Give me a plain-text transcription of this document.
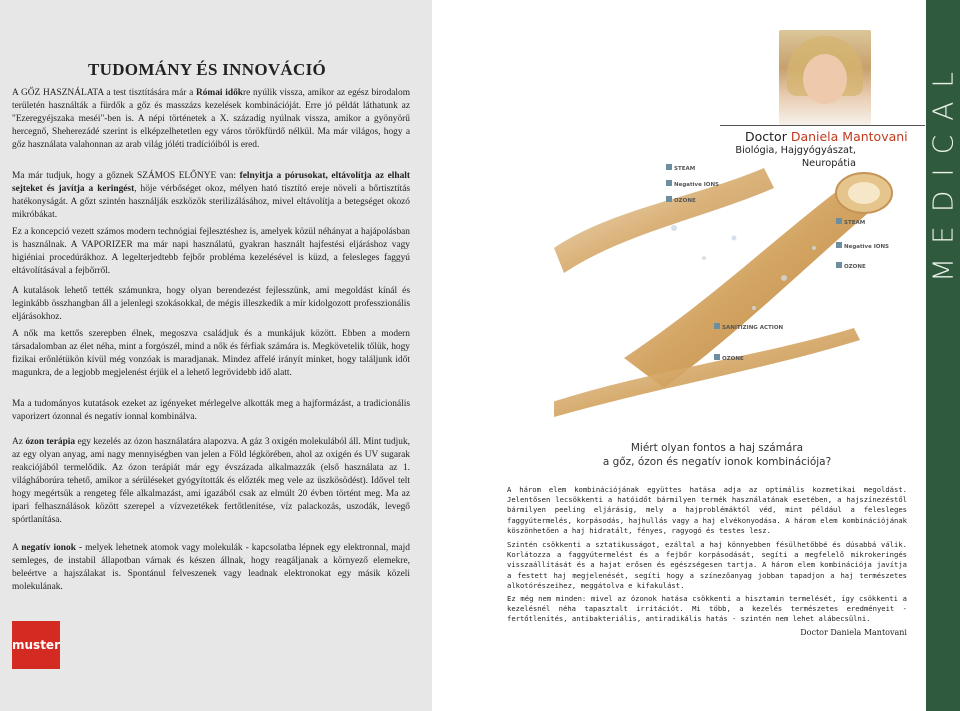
TUDOMÁNY ÉS INNOVÁCIÓ

A GŐZ HASZNÁLATA a test tisztítására már a Római időkre nyúlik vissza, amikor az egész birodalom területén használták a fürdők a gőz és masszázs kezelések kombinációját. Erre jó példát láthatunk az "Ezeregyéjszaka meséi"-ben is. A népi történetek a X. századig nyúlnak vissza, amikor a gyönyörű hercegnő, Sheherezádé szerint is elképzelhetetlen egy város törökfürdő nélkül. Ma már világos, hogy a gőz használata valahonnan az arab világ jóléti tradícióiból is ered.

Ma már tudjuk, hogy a gőznek SZÁMOS ELŐNYE van: felnyitja a pórusokat, eltávolítja az elhalt sejteket és javítja a keringést, höje vérbőséget okoz, mélyen ható tisztító ereje növeli a bőrtisztítás hatékonyságát. A gőzt szintén használják eszközök sterilizálásához, mivel eltávolítja a betegséget okozó mikróbákat.

Ez a koncepció vezett számos modern technógiai fejlesztéshez is, amelyek közül néhányat a hajápolásban is használnak. A VAPORIZER ma már napi használatú, gyakran használt hajfestési eljáráshoz vagy higiéniai procedúrákhoz. A legelterjedtebb fejbőr probléma kezelésével is küzd, a felesleges faggyú eltávolításával a fejbőrről.

A kutalások lehető tették számunkra, hogy olyan berendezést fejlesszünk, ami megoldást kínál és leginkább összhangban áll a jelenlegi szokásokkal, de mégis illeszkedik a mír kidolgozott professzionális eljárásokhoz.

A nők ma kettős szerepben élnek, megoszva családjuk és a munkájuk között. Ebben a modern társadalomban az élet néha, mint a forgószél, mind a nők és férfiak számára is. Megkövetelik tőlük, hogy fizikai erőnlétükön kívül még vonzóak is maradjanak. Mindez affelé irányít minket, hogy találjunk időt magunkra, de a legjobb megjelenést érjük el a lehető legrövidebb idő alatt.

Ma a tudományos kutatások ezeket az igényeket mérlegelve alkották meg a hajformázást, a tradicionális vaporizert ózonnal és negatív ionnal kombinálva.

Az ózon terápia egy kezelés az ózon használatára alapozva. A gáz 3 oxigén molekulából áll. Mint tudjuk, az egy olyan anyag, ami nagy mennyiségben van jelen a Föld légkörében, ahol az oxigén és UV sugarak reakciójából termelődik. Az ózon terápiát már egy évszázada alkalmazzák (első használata az 1. világháborúra tehető, amikor a sérüléseket gyógyították és előzték meg vele az üszkösödést). Idővel telt hogy megértsük a rengeteg féle alkalmazást, ami igazából csak az elmúlt 20 évben történt meg. Ma az ipari felhasználások között szerepel a vízvezetékek fertőtlenítése, víz palackozás, uszodák, levegő spórtlanítása.

A negatív ionok - melyek lehetnek atomok vagy molekulák - kapcsolatba lépnek egy elektronnal, majd semleges, de instabil állapotban várnak és készen állnak, hogy reagáljanak a környező elemekre, beleértve a hajszálakat is. Spontánul felveszenek vagy leadnak elektronokat egy másik közeli molekulának.

muster
Doctor Daniela Mantovani
Biológia, Hajgyógyászat,
Neuropátia
STEAM
Negative IONS
OZONE
STEAM
Negative IONS
OZONE
SANITIZING ACTION
OZONE
Miért olyan fontos a haj számára
a gőz, ózon és negatív ionok kombinációja?

A három elem kombinációjának együttes hatása adja az optimális kozmetikai megoldást. Jelentősen lecsökkenti a hatóidőt bármilyen termék használatának esetében, a hajszínezéstől bármilyen peeling eljárásig, mely a hajproblémáktól véd, mint például a felesleges faggyútermelés, korpásodás, hajhullás vagy a haj elvékonyodása. A három elem kombinációjának köszönhetően a haj hidratált, fényes, ragyogó és testes lesz.

Szintén csökkenti a sztatikusságot, ezáltal a haj könnyebben fésülhetőbbé és dúsabbá válik. Korlátozza a faggyútermelést és a fejbőr korpásodását, segíti a megfelelő mikrokeringés visszaállítását és a hajat erősen és egészségesen tartja. A három elem kombinációja javítja a festett haj megjelenését, segíti hogy a színezőanyag jobban tapadjon a haj természetes alkotórészeihez, meggátolva e kifakulást.

Ez még nem minden: mivel az ózonok hatása csökkenti a hisztamin termelését, így csökkenti a kezelésnél néha tapasztalt irritációt. Mi több, a kezelés természetes eredményeit - fertőtlenítés, antibakteriális, antiradikális hatás - szintén nem lehet alábecsülni.

Doctor Daniela Mantovani
MEDICAL
